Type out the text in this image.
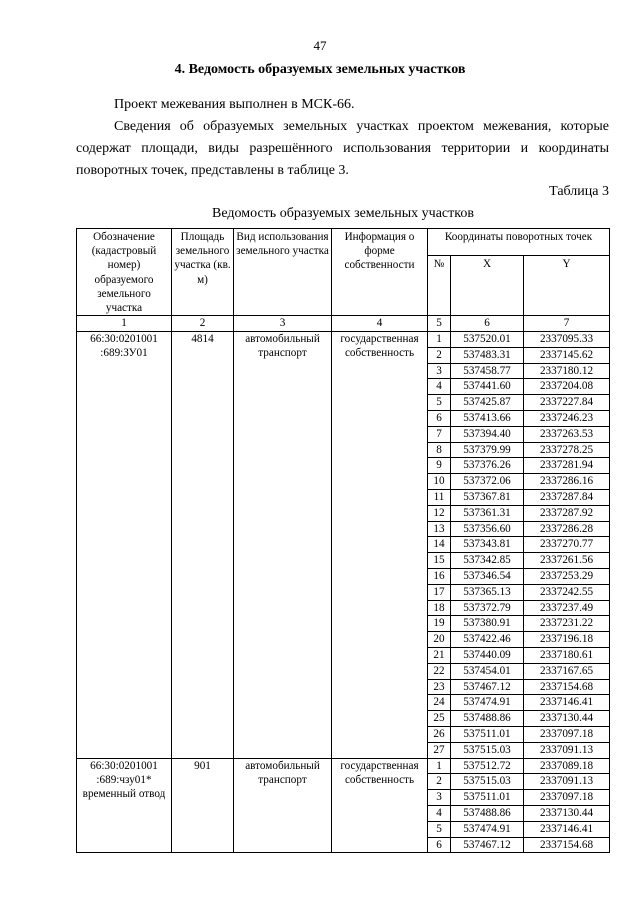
47
4. Ведомость образуемых земельных участков

Проект межевания выполнен в МСК-66.

Сведения об образуемых земельных участках проектом межевания, которые содержат площади, виды разрешённого использования территории и координаты поворотных точек, представлены в таблице 3.

Таблица 3
Ведомость образуемых земельных участков
Обозначение (кадастровый номер) образуемого земельного участка	Площадь земельного участка (кв. м)	Вид использования земельного участка	Информация о форме собственности	Координаты поворотных точек		
				№	X	Y
1	2	3	4	5	6	7
66:30:0201001 :689:ЗУ01	4814	автомобильный транспорт	государственная собственность	1	537520.01	2337095.33
				2	537483.31	2337145.62
				3	537458.77	2337180.12
				4	537441.60	2337204.08
				5	537425.87	2337227.84
				6	537413.66	2337246.23
				7	537394.40	2337263.53
				8	537379.99	2337278.25
				9	537376.26	2337281.94
				10	537372.06	2337286.16
				11	537367.81	2337287.84
				12	537361.31	2337287.92
				13	537356.60	2337286.28
				14	537343.81	2337270.77
				15	537342.85	2337261.56
				16	537346.54	2337253.29
				17	537365.13	2337242.55
				18	537372.79	2337237.49
				19	537380.91	2337231.22
				20	537422.46	2337196.18
				21	537440.09	2337180.61
				22	537454.01	2337167.65
				23	537467.12	2337154.68
				24	537474.91	2337146.41
				25	537488.86	2337130.44
				26	537511.01	2337097.18
				27	537515.03	2337091.13
66:30:0201001 :689:чзу01* временный отвод	901	автомобильный транспорт	государственная собственность	1	537512.72	2337089.18
				2	537515.03	2337091.13
				3	537511.01	2337097.18
				4	537488.86	2337130.44
				5	537474.91	2337146.41
				6	537467.12	2337154.68
